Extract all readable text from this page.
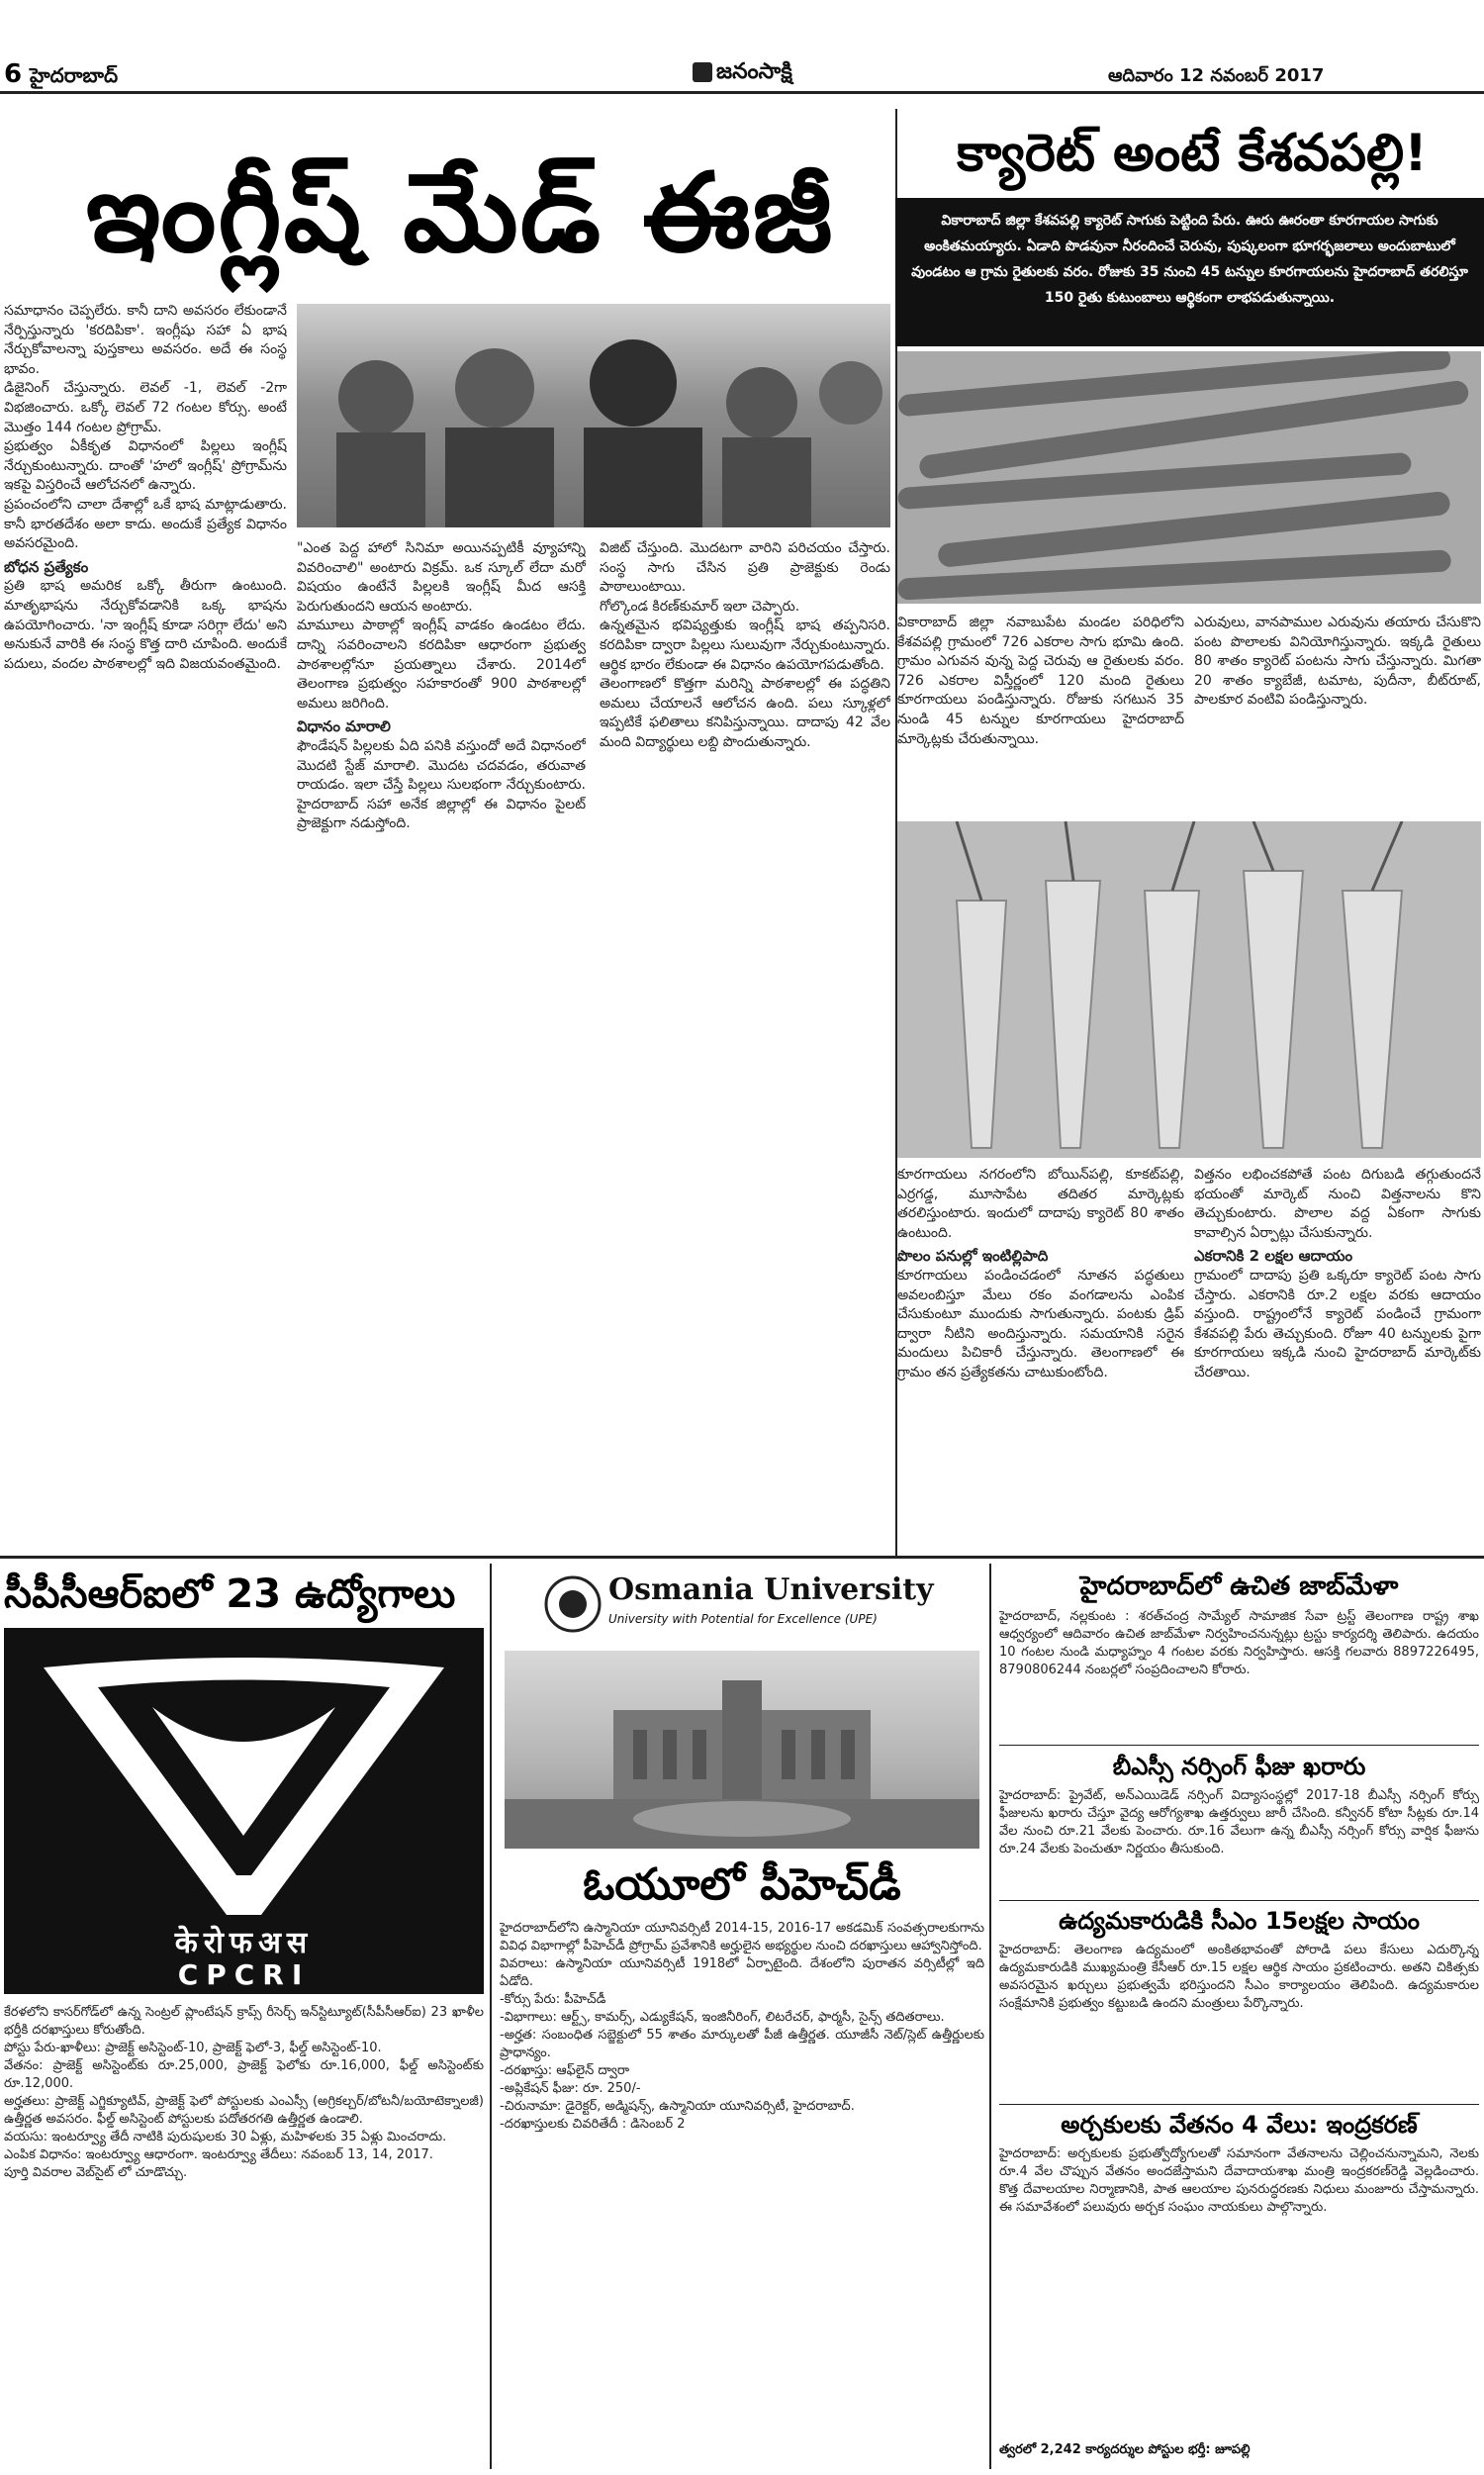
6 హైదరాబాద్	జనంసాక్షి	ఆదివారం 12 నవంబర్ 2017
ఇంగ్లీష్ మేడ్ ఈజీ
సమాధానం చెప్పలేరు. కానీ దాని అవసరం లేకుండానే నేర్పిస్తున్నారు 'కరదిపికా'. ఇంగ్లీషు సహా ఏ భాష నేర్చుకోవాలన్నా పుస్తకాలు అవసరం. అదే ఈ సంస్థ భావం.
డిజైనింగ్ చేస్తున్నారు. లెవల్ -1, లెవల్ -2గా విభజించారు. ఒక్కో లెవల్ 72 గంటల కోర్సు. అంటే మొత్తం 144 గంటల ప్రోగ్రామ్.
ప్రభుత్వం ఏకీకృత విధానంలో పిల్లలు ఇంగ్లీష్ నేర్చుకుంటున్నారు. దాంతో 'హలో ఇంగ్లీష్' ప్రోగ్రామ్‌ను ఇకపై విస్తరించే ఆలోచనలో ఉన్నారు.
ప్రపంచంలోని చాలా దేశాల్లో ఒకే భాష మాట్లాడుతారు. కానీ భారతదేశం అలా కాదు. అందుకే ప్రత్యేక విధానం అవసరమైంది.
బోధన ప్రత్యేకం
ప్రతి భాష అమరిక ఒక్కో తీరుగా ఉంటుంది. మాతృభాషను నేర్చుకోవడానికి ఒక్క భాషను ఉపయోగించారు. 'నా ఇంగ్లీష్ కూడా సరిగ్గా లేదు' అని అనుకునే వారికి ఈ సంస్థ కొత్త దారి చూపింది. అందుకే పదులు, వందల పాఠశాలల్లో ఇది విజయవంతమైంది.
"ఎంత పెద్ద హాలో సినిమా అయినప్పటికీ వ్యూహాన్ని వివరించాలి" అంటారు విక్రమ్. ఒక స్కూల్ లేదా మరో విషయం ఉంటేనే పిల్లలకి ఇంగ్లీష్ మీద ఆసక్తి పెరుగుతుందని ఆయన అంటారు.
మామూలు పాఠాల్లో ఇంగ్లీష్ వాడకం ఉండటం లేదు. దాన్ని సవరించాలని కరదిపికా ఆధారంగా ప్రభుత్వ పాఠశాలల్లోనూ ప్రయత్నాలు చేశారు. 2014లో తెలంగాణ ప్రభుత్వం సహకారంతో 900 పాఠశాలల్లో అమలు జరిగింది.
విధానం మారాలి
ఫౌండేషన్ పిల్లలకు ఏది పనికి వస్తుందో అదే విధానంలో మొదటి స్టేజ్ మారాలి. మొదట చదవడం, తరువాత రాయడం. ఇలా చేస్తే పిల్లలు సులభంగా నేర్చుకుంటారు. హైదరాబాద్ సహా అనేక జిల్లాల్లో ఈ విధానం పైలట్ ప్రాజెక్టుగా నడుస్తోంది.
విజిట్ చేస్తుంది. మొదటగా వారిని పరిచయం చేస్తారు. సంస్థ సాగు చేసిన ప్రతి ప్రాజెక్టుకు రెండు పాఠాలుంటాయి.
గోల్కొండ కిరణ్‌కుమార్ ఇలా చెప్పారు.
ఉన్నతమైన భవిష్యత్తుకు ఇంగ్లీష్ భాష తప్పనిసరి. కరదిపికా ద్వారా పిల్లలు సులువుగా నేర్చుకుంటున్నారు. ఆర్థిక భారం లేకుండా ఈ విధానం ఉపయోగపడుతోంది.
తెలంగాణలో కొత్తగా మరిన్ని పాఠశాలల్లో ఈ పద్ధతిని అమలు చేయాలనే ఆలోచన ఉంది. పలు స్కూళ్లలో ఇప్పటికే ఫలితాలు కనిపిస్తున్నాయి. దాదాపు 42 వేల మంది విద్యార్థులు లబ్ది పొందుతున్నారు.
క్యారెట్ అంటే కేశవపల్లి!
వికారాబాద్ జిల్లా కేశవపల్లి క్యారెట్ సాగుకు పెట్టింది పేరు. ఊరు ఊరంతా కూరగాయల సాగుకు అంకితమయ్యారు. ఏడాది పొడవునా నీరందించే చెరువు, పుష్కలంగా భూగర్భజలాలు అందుబాటులో వుండటం ఆ గ్రామ రైతులకు వరం. రోజుకు 35 నుంచి 45 టన్నుల కూరగాయలను హైదరాబాద్ తరలిస్తూ 150 రైతు కుటుంబాలు ఆర్థికంగా లాభపడుతున్నాయి.
వికారాబాద్ జిల్లా నవాబుపేట మండల పరిధిలోని కేశవపల్లి గ్రామంలో 726 ఎకరాల సాగు భూమి ఉంది. గ్రామం ఎగువన వున్న పెద్ద చెరువు ఆ రైతులకు వరం. 726 ఎకరాల విస్తీర్ణంలో 120 మంది రైతులు కూరగాయలు పండిస్తున్నారు. రోజుకు సగటున 35 నుండి 45 టన్నుల కూరగాయలు హైదరాబాద్ మార్కెట్లకు చేరుతున్నాయి.
ఎరువులు, వానపాముల ఎరువును తయారు చేసుకొని పంట పొలాలకు వినియోగిస్తున్నారు. ఇక్కడి రైతులు 80 శాతం క్యారెట్ పంటను సాగు చేస్తున్నారు. మిగతా 20 శాతం క్యాబేజీ, టమాట, పుదీనా, బీట్‌రూట్, పాలకూర వంటివి పండిస్తున్నారు.
కూరగాయలు నగరంలోని బోయిన్‌పల్లి, కూకట్‌పల్లి, ఎర్రగడ్డ, మూసాపేట తదితర మార్కెట్లకు తరలిస్తుంటారు. ఇందులో దాదాపు క్యారెట్ 80 శాతం ఉంటుంది.
పొలం పనుల్లో ఇంటిల్లిపాది
కూరగాయలు పండించడంలో నూతన పద్ధతులు అవలంబిస్తూ మేలు రకం వంగడాలను ఎంపిక చేసుకుంటూ ముందుకు సాగుతున్నారు. పంటకు డ్రిప్ ద్వారా నీటిని అందిస్తున్నారు. సమయానికి సరైన మందులు పిచికారీ చేస్తున్నారు. తెలంగాణలో ఈ గ్రామం తన ప్రత్యేకతను చాటుకుంటోంది.
విత్తనం లభించకపోతే పంట దిగుబడి తగ్గుతుందనే భయంతో మార్కెట్ నుంచి విత్తనాలను కొని తెచ్చుకుంటారు. పొలాల వద్ద ఏకంగా సాగుకు కావాల్సిన ఏర్పాట్లు చేసుకున్నారు.
ఎకరానికి 2 లక్షల ఆదాయం
గ్రామంలో దాదాపు ప్రతి ఒక్కరూ క్యారెట్ పంట సాగు చేస్తారు. ఎకరానికి రూ.2 లక్షల వరకు ఆదాయం వస్తుంది. రాష్ట్రంలోనే క్యారెట్ పండించే గ్రామంగా కేశవపల్లి పేరు తెచ్చుకుంది. రోజూ 40 టన్నులకు పైగా కూరగాయలు ఇక్కడి నుంచి హైదరాబాద్ మార్కెట్‌కు చేరతాయి.
సీపీసీఆర్‌ఐలో 23 ఉద్యోగాలు
केरोफअस
CPCRI
కేరళలోని కాసర్‌గోడ్‌లో ఉన్న సెంట్రల్ ప్లాంటేషన్ క్రాప్స్ రీసెర్చ్ ఇన్‌స్టిట్యూట్(సీపీసీఆర్‌ఐ) 23 ఖాళీల భర్తీకి దరఖాస్తులు కోరుతోంది.
పోస్టు పేరు-ఖాళీలు: ప్రాజెక్ట్ అసిస్టెంట్-10, ప్రాజెక్ట్ ఫెలో-3, ఫీల్డ్ అసిస్టెంట్-10.
వేతనం: ప్రాజెక్ట్ అసిస్టెంట్‌కు రూ.25,000, ప్రాజెక్ట్ ఫెలోకు రూ.16,000, ఫీల్డ్ అసిస్టెంట్‌కు రూ.12,000.
అర్హతలు: ప్రాజెక్ట్ ఎగ్జిక్యూటివ్, ప్రాజెక్ట్ ఫెలో పోస్టులకు ఎంఎస్సీ (అగ్రికల్చర్/బోటనీ/బయోటెక్నాలజీ) ఉత్తీర్ణత అవసరం. ఫీల్డ్ అసిస్టెంట్ పోస్టులకు పదోతరగతి ఉత్తీర్ణత ఉండాలి.
వయసు: ఇంటర్వ్యూ తేదీ నాటికి పురుషులకు 30 ఏళ్లు, మహిళలకు 35 ఏళ్లు మించరాదు.
ఎంపిక విధానం: ఇంటర్వ్యూ ఆధారంగా. ఇంటర్వ్యూ తేదీలు: నవంబర్ 13, 14, 2017.
పూర్తి వివరాల వెబ్‌సైట్ లో చూడొచ్చు.
Osmania University
University with Potential for Excellence (UPE)
ఓయూలో పీహెచ్‌డీ
హైదరాబాద్‌లోని ఉస్మానియా యూనివర్సిటీ 2014-15, 2016-17 అకడమిక్ సంవత్సరాలకుగాను వివిధ విభాగాల్లో పీహెచ్‌డీ ప్రోగ్రామ్ ప్రవేశానికి అర్హులైన అభ్యర్థుల నుంచి దరఖాస్తులు ఆహ్వానిస్తోంది.
వివరాలు: ఉస్మానియా యూనివర్సిటీ 1918లో ఏర్పాటైంది. దేశంలోని పురాతన వర్సిటీల్లో ఇది ఏడోది.
-కోర్సు పేరు: పీహెచ్‌డీ
-విభాగాలు: ఆర్ట్స్, కామర్స్, ఎడ్యుకేషన్, ఇంజినీరింగ్, లిటరేచర్, ఫార్మసీ, సైన్స్ తదితరాలు.
-అర్హత: సంబంధిత సబ్జెక్టులో 55 శాతం మార్కులతో పీజీ ఉత్తీర్ణత. యూజీసీ నెట్/స్లెట్ ఉత్తీర్ణులకు ప్రాధాన్యం.
-దరఖాస్తు: ఆఫ్‌లైన్ ద్వారా
-అప్లికేషన్ ఫీజు: రూ. 250/-
-చిరునామా: డైరెక్టర్, అడ్మిషన్స్, ఉస్మానియా యూనివర్సిటీ, హైదరాబాద్.
-దరఖాస్తులకు చివరితేదీ : డిసెంబర్ 2
హైదరాబాద్‌లో ఉచిత జాబ్‌మేళా
హైదరాబాద్, నల్లకుంట : శరత్‌చంద్ర సామ్యేల్ సామాజిక సేవా ట్రస్ట్ తెలంగాణ రాష్ట్ర శాఖ ఆధ్వర్యంలో ఆదివారం ఉచిత జాబ్‌మేళా నిర్వహించనున్నట్లు ట్రస్టు కార్యదర్శి తెలిపారు. ఉదయం 10 గంటల నుండి మధ్యాహ్నం 4 గంటల వరకు నిర్వహిస్తారు. ఆసక్తి గలవారు 8897226495, 8790806244 నంబర్లలో సంప్రదించాలని కోరారు.
బీఎస్సీ నర్సింగ్ ఫీజు ఖరారు
హైదరాబాద్: ప్రైవేట్, అన్‌ఎయిడెడ్ నర్సింగ్ విద్యాసంస్థల్లో 2017-18 బీఎస్సీ నర్సింగ్ కోర్సు ఫీజులను ఖరారు చేస్తూ వైద్య ఆరోగ్యశాఖ ఉత్తర్వులు జారీ చేసింది. కన్వీనర్ కోటా సీట్లకు రూ.14 వేల నుంచి రూ.21 వేలకు పెంచారు. రూ.16 వేలుగా ఉన్న బీఎస్సీ నర్సింగ్ కోర్సు వార్షిక ఫీజును రూ.24 వేలకు పెంచుతూ నిర్ణయం తీసుకుంది.
ఉద్యమకారుడికి సీఎం 15లక్షల సాయం
హైదరాబాద్: తెలంగాణ ఉద్యమంలో అంకితభావంతో పోరాడి పలు కేసులు ఎదుర్కొన్న ఉద్యమకారుడికి ముఖ్యమంత్రి కేసీఆర్ రూ.15 లక్షల ఆర్థిక సాయం ప్రకటించారు. అతని చికిత్సకు అవసరమైన ఖర్చులు ప్రభుత్వమే భరిస్తుందని సీఎం కార్యాలయం తెలిపింది. ఉద్యమకారుల సంక్షేమానికి ప్రభుత్వం కట్టుబడి ఉందని మంత్రులు పేర్కొన్నారు.
అర్చకులకు వేతనం 4 వేలు: ఇంద్రకరణ్
హైదరాబాద్: అర్చకులకు ప్రభుత్వోద్యోగులతో సమానంగా వేతనాలను చెల్లించనున్నామని, నెలకు రూ.4 వేల చొప్పున వేతనం అందజేస్తామని దేవాదాయశాఖ మంత్రి ఇంద్రకరణ్‌రెడ్డి వెల్లడించారు. కొత్త దేవాలయాల నిర్మాణానికి, పాత ఆలయాల పునరుద్ధరణకు నిధులు మంజూరు చేస్తామన్నారు. ఈ సమావేశంలో పలువురు అర్చక సంఘం నాయకులు పాల్గొన్నారు.
త్వరలో 2,242 కార్యదర్శుల పోస్టుల భర్తీ: జూపల్లి
